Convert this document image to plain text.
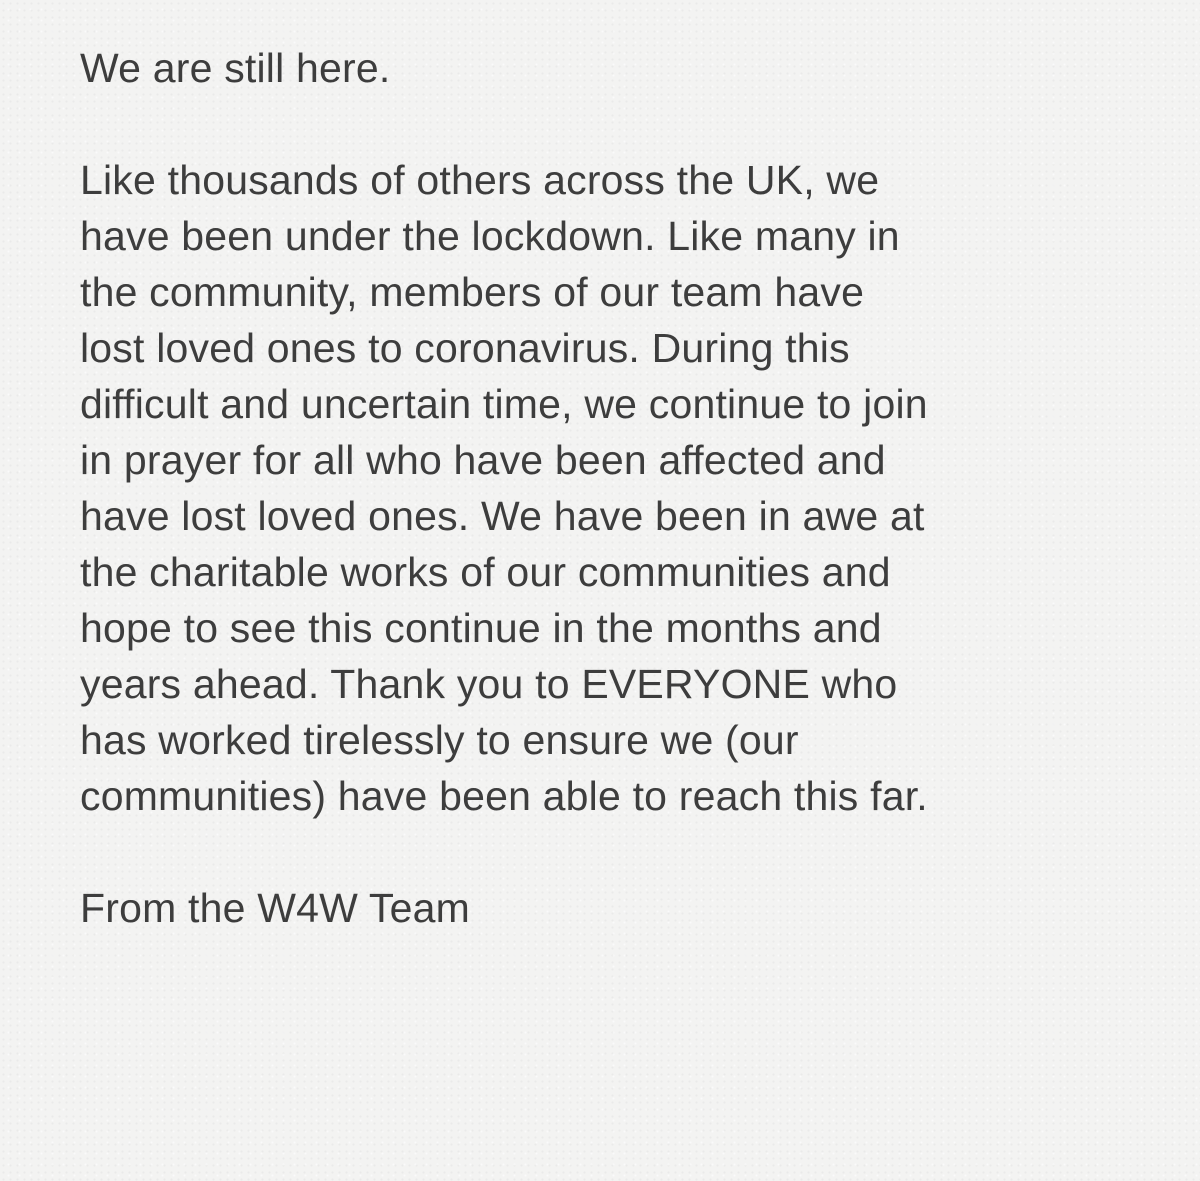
We are still here.
Like thousands of others across the UK, we
have been under the lockdown. Like many in
the community, members of our team have
lost loved ones to coronavirus. During this
difficult and uncertain time, we continue to join
in prayer for all who have been affected and
have lost loved ones. We have been in awe at
the charitable works of our communities and
hope to see this continue in the months and
years ahead. Thank you to EVERYONE who
has worked tirelessly to ensure we (our
communities) have been able to reach this far.
From the W4W Team
